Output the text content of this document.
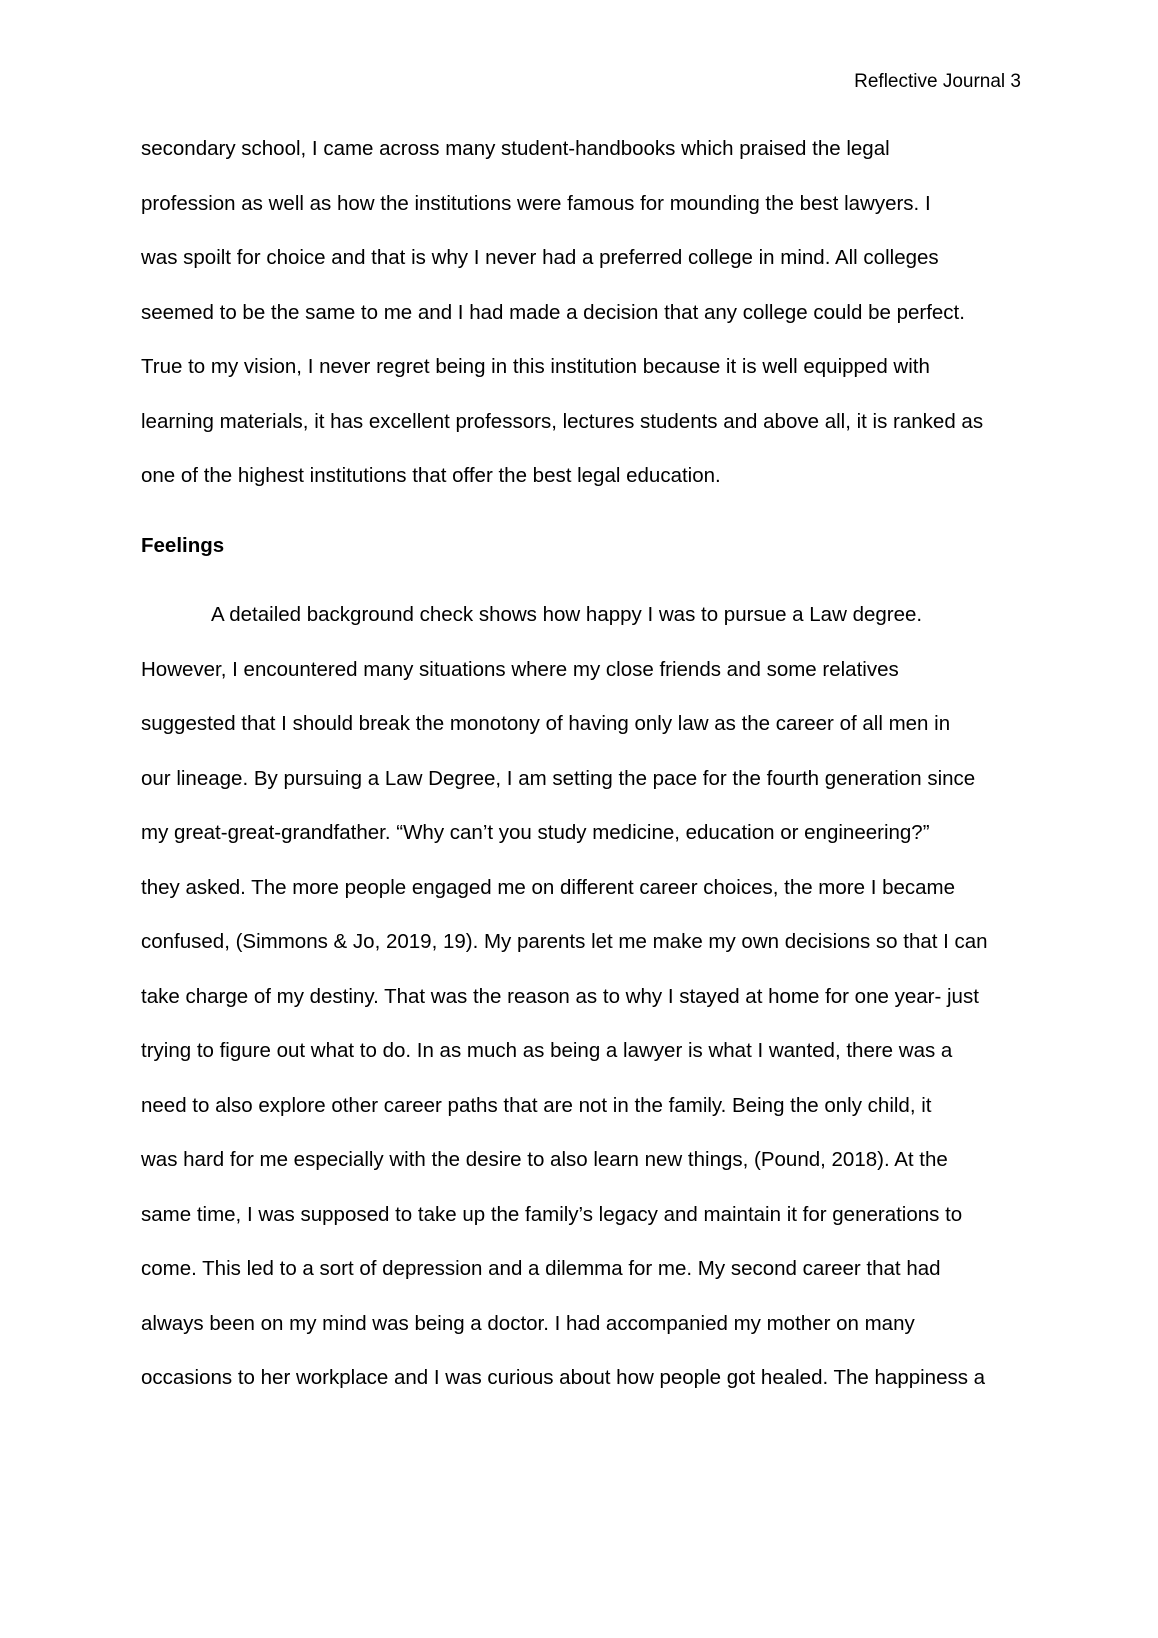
Reflective Journal 3
secondary school, I came across many student-handbooks which praised the legal
profession as well as how the institutions were famous for mounding the best lawyers. I
was spoilt for choice and that is why I never had a preferred college in mind. All colleges
seemed to be the same to me and I had made a decision that any college could be perfect.
True to my vision, I never regret being in this institution because it is well equipped with
learning materials, it has excellent professors, lectures students and above all, it is ranked as
one of the highest institutions that offer the best legal education.
Feelings
A detailed background check shows how happy I was to pursue a Law degree.
However, I encountered many situations where my close friends and some relatives
suggested that I should break the monotony of having only law as the career of all men in
our lineage. By pursuing a Law Degree, I am setting the pace for the fourth generation since
my great-great-grandfather. “Why can’t you study medicine, education or engineering?”
they asked. The more people engaged me on different career choices, the more I became
confused, (Simmons & Jo, 2019, 19). My parents let me make my own decisions so that I can
take charge of my destiny. That was the reason as to why I stayed at home for one year- just
trying to figure out what to do. In as much as being a lawyer is what I wanted, there was a
need to also explore other career paths that are not in the family. Being the only child, it
was hard for me especially with the desire to also learn new things, (Pound, 2018). At the
same time, I was supposed to take up the family’s legacy and maintain it for generations to
come. This led to a sort of depression and a dilemma for me. My second career that had
always been on my mind was being a doctor. I had accompanied my mother on many
occasions to her workplace and I was curious about how people got healed. The happiness a
